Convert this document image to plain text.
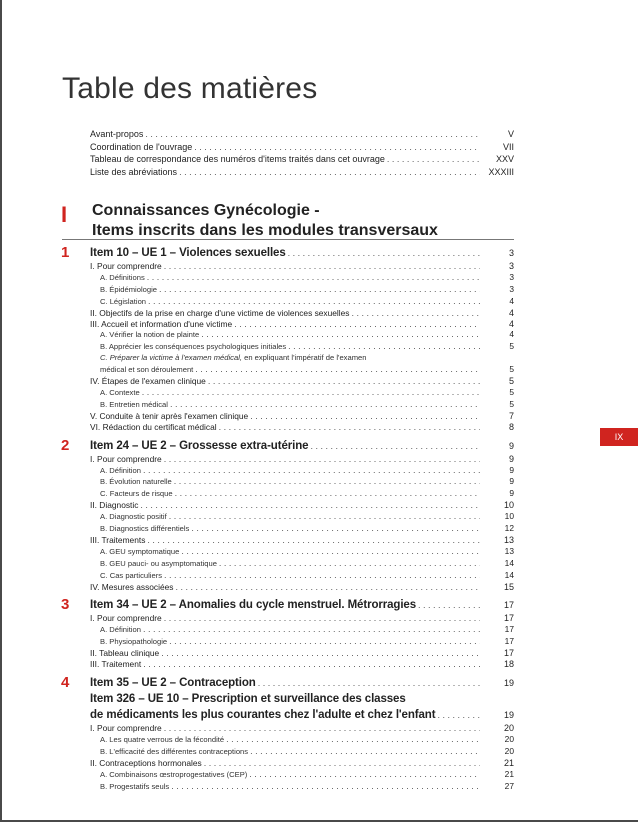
Table des matières
Avant-propos . . .	V
Coordination de l'ouvrage . . .	VII
Tableau de correspondance des numéros d'items traités dans cet ouvrage . . .	XXV
Liste des abréviations . . .	XXXIII
I Connaissances Gynécologie -
Items inscrits dans les modules transversaux
1 Item 10 – UE 1 – Violences sexuelles . . .	3
I. Pour comprendre . . .	3
A. Définitions . . .	3
B. Épidémiologie . . .	3
C. Législation . . .	4
II. Objectifs de la prise en charge d'une victime de violences sexuelles . . .	4
III. Accueil et information d'une victime . . .	4
A. Vérifier la notion de plainte . . .	4
B. Apprécier les conséquences psychologiques initiales . . .	5
C. Préparer la victime à l'examen médical, en expliquant l'impératif de l'examen
médical et son déroulement . . .	5
IV. Étapes de l'examen clinique . . .	5
A. Contexte . . .	5
B. Entretien médical . . .	5
V. Conduite à tenir après l'examen clinique . . .	7
VI. Rédaction du certificat médical . . .	8
2 Item 24 – UE 2 – Grossesse extra-utérine . . .	9
I. Pour comprendre . . .	9
A. Définition . . .	9
B. Évolution naturelle . . .	9
C. Facteurs de risque . . .	9
II. Diagnostic . . .	10
A. Diagnostic positif . . .	10
B. Diagnostics différentiels . . .	12
III. Traitements . . .	13
A. GEU symptomatique . . .	13
B. GEU pauci- ou asymptomatique . . .	14
C. Cas particuliers . . .	14
IV. Mesures associées . . .	15
3 Item 34 – UE 2 – Anomalies du cycle menstruel. Métrorragies . . .	17
I. Pour comprendre . . .	17
A. Définition . . .	17
B. Physiopathologie . . .	17
II. Tableau clinique . . .	17
III. Traitement . . .	18
4 Item 35 – UE 2 – Contraception . . .	19
Item 326 – UE 10 – Prescription et surveillance des classes
de médicaments les plus courantes chez l'adulte et chez l'enfant . . .	19
I. Pour comprendre . . .	20
A. Les quatre verrous de la fécondité . . .	20
B. L'efficacité des différentes contraceptions . . .	20
II. Contraceptions hormonales . . .	21
A. Combinaisons œstroprogestatives (CEP) . . .	21
B. Progestatifs seuls . . .	27
IX
